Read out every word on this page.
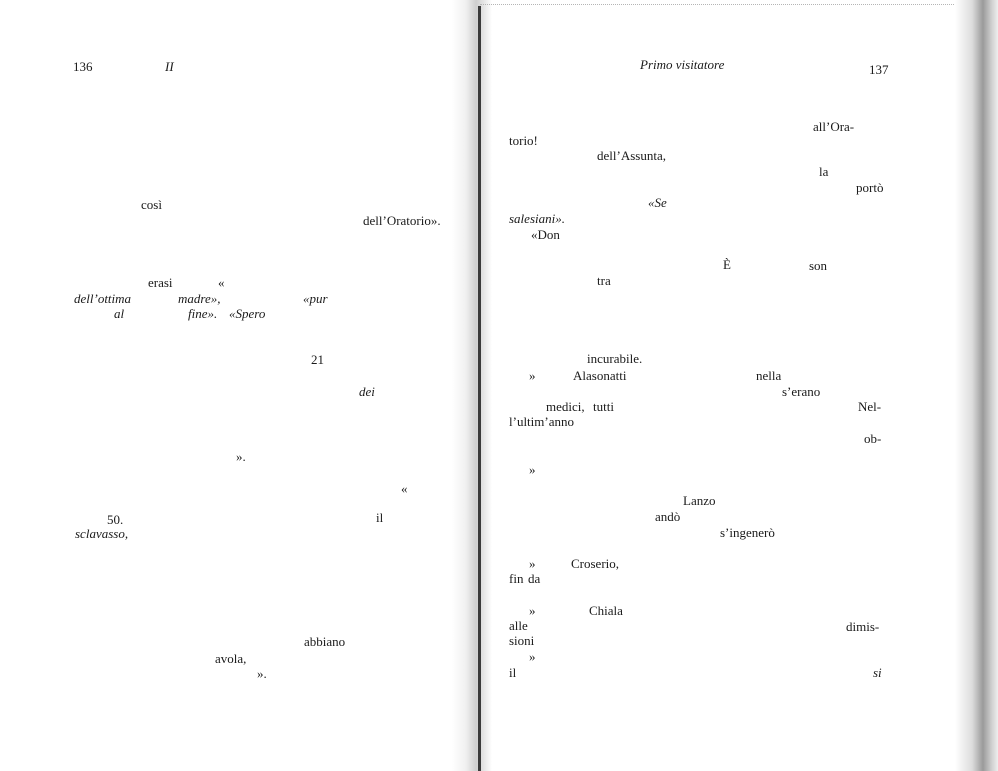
136	II
così
dell’Oratorio».
erasi	«
dell’ottima	madre»,	«pur
al	fine». «Spero
21
dei
».
«
50.	il
sclavasso,
abbiano
avola,
».
Primo visitatore	137
all’Ora-
torio!
dell’Assunta,
la
portò
«Se
salesiani».
«Don
È	son
tra
incurabile.
»	Alasonatti	nella
s’erano
medici, tutti	Nel-
l’ultim’anno
ob-
»
Lanzo
andò
s’ingenerò
»	Croserio,
fin da
»	Chiala
alle	dimis-
sioni
»
il	si
